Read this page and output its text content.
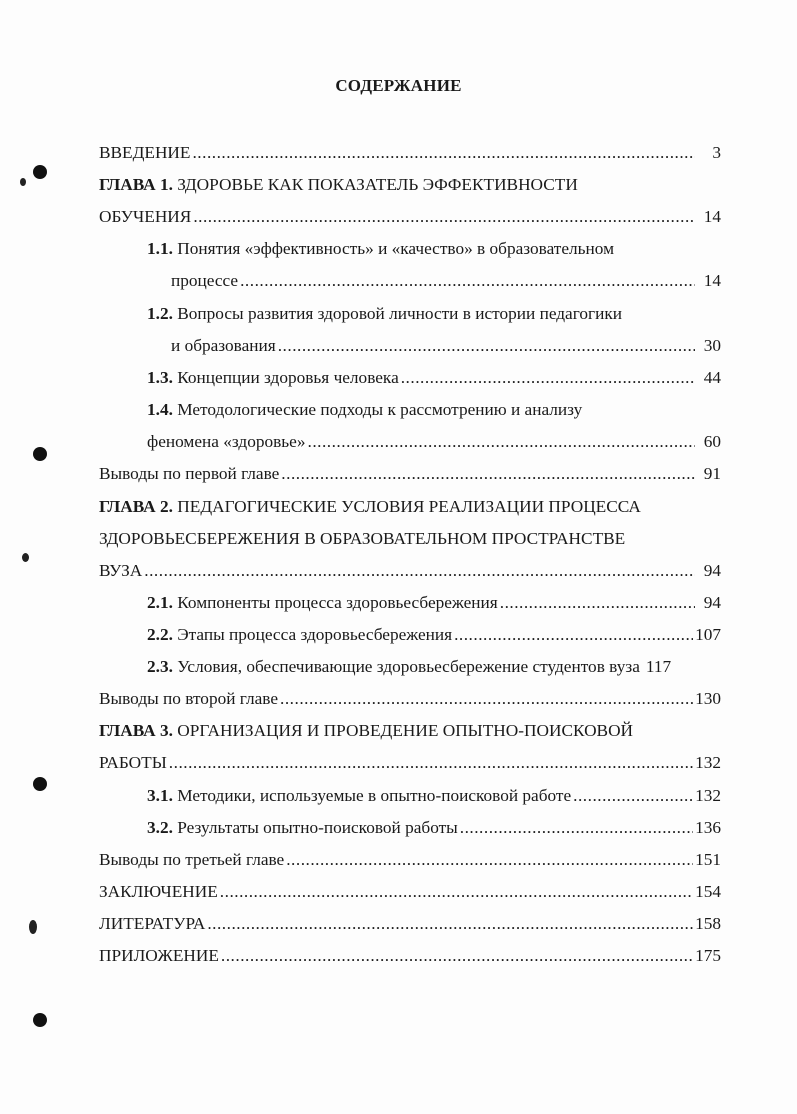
СОДЕРЖАНИЕ
ВВЕДЕНИЕ .....	3
ГЛАВА 1. ЗДОРОВЬЕ КАК ПОКАЗАТЕЛЬ ЭФФЕКТИВНОСТИ
ОБУЧЕНИЯ .....	14
1.1. Понятия «эффективность» и «качество» в образовательном
процессе .....	14
1.2. Вопросы развития здоровой личности в истории педагогики
и образования .....	30
1.3. Концепции здоровья человека .....	44
1.4. Методологические подходы к рассмотрению и анализу
феномена «здоровье» .....	60
Выводы по первой главе .....	91
ГЛАВА 2. ПЕДАГОГИЧЕСКИЕ УСЛОВИЯ РЕАЛИЗАЦИИ ПРОЦЕССА
ЗДОРОВЬЕСБЕРЕЖЕНИЯ В ОБРАЗОВАТЕЛЬНОМ ПРОСТРАНСТВЕ
ВУЗА .....	94
2.1. Компоненты процесса здоровьесбережения .....	94
2.2. Этапы процесса здоровьесбережения .....	107
2.3. Условия, обеспечивающие здоровьесбережение студентов вуза 117
Выводы по второй главе .....	130
ГЛАВА 3. ОРГАНИЗАЦИЯ И ПРОВЕДЕНИЕ ОПЫТНО-ПОИСКОВОЙ
РАБОТЫ .....	132
3.1. Методики, используемые в опытно-поисковой работе .....	132
3.2. Результаты опытно-поисковой работы .....	136
Выводы по третьей главе .....	151
ЗАКЛЮЧЕНИЕ .....	154
ЛИТЕРАТУРА .....	158
ПРИЛОЖЕНИЕ .....	175
